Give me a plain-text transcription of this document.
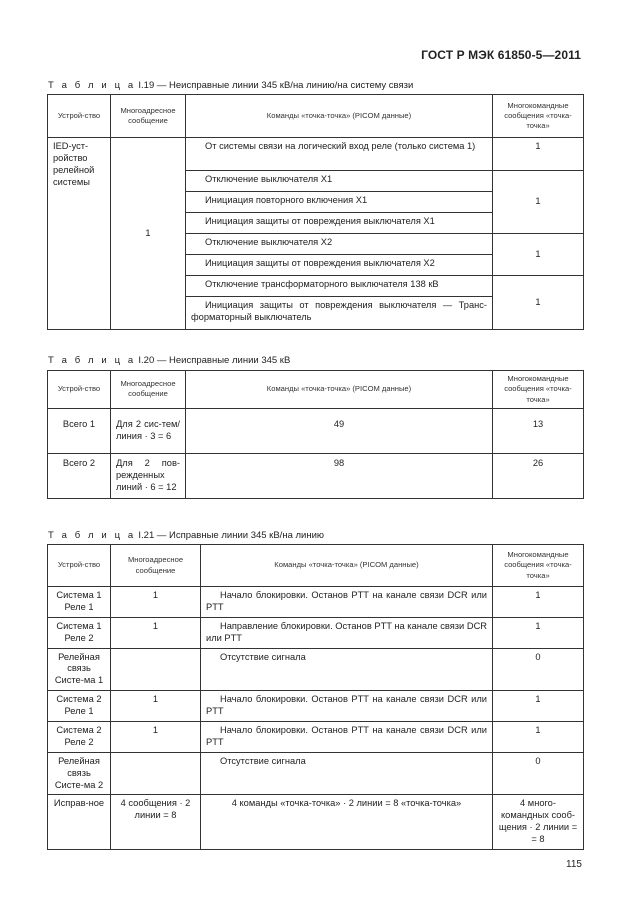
ГОСТ Р МЭК 61850-5—2011
Т а б л и ц а I.19 — Неисправные линии 345 кВ/на линию/на систему связи
Устрой-ство	Многоадресное сообщение	Команды «точка-точка» (PICOM данные)	Многокомандные сообщения «точка-точка»
IED-уст-ройство релейной системы	1	От системы связи на логический вход реле (только система 1)	1
		Отключение выключателя X1	1
		Инициация повторного включения X1	
		Инициация защиты от повреждения выключателя X1	
		Отключение выключателя X2	1
		Инициация защиты от повреждения выключателя X2	
		Отключение трансформаторного выключателя 138 кВ	1
		Инициация защиты от повреждения выключателя — Транс-форматорный выключатель	
Т а б л и ц а I.20 — Неисправные линии 345 кВ
Устрой-ство	Многоадресное сообщение	Команды «точка-точка» (PICOM данные)	Многокомандные сообщения «точка-точка»
Всего 1	Для 2 сис-тем/линия · 3 = 6	49	13
Всего 2	Для 2 пов-режденных линий · 6 = 12	98	26
Т а б л и ц а I.21 — Исправные линии 345 кВ/на линию
Устрой-ство	Многоадресное сообщение	Команды «точка-точка» (PICOM данные)	Многокомандные сообщения «точка-точка»
Система 1 Реле 1	1	Начало блокировки. Останов PTT на канале связи DCR или PTT	1
Система 1 Реле 2	1	Направление блокировки. Останов PTT на канале связи DCR или PTT	1
Релейная связь Систе-ма 1		Отсутствие сигнала	0
Система 2 Реле 1	1	Начало блокировки. Останов PTT на канале связи DCR или PTT	1
Система 2 Реле 2	1	Начало блокировки. Останов PTT на канале связи DCR или PTT	1
Релейная связь Систе-ма 2		Отсутствие сигнала	0
Исправ-ное	4 сообщения · 2 линии = 8	4 команды «точка-точка» · 2 линии = 8 «точка-точка»	4 много-командных сооб-щения · 2 линии = = 8
115
